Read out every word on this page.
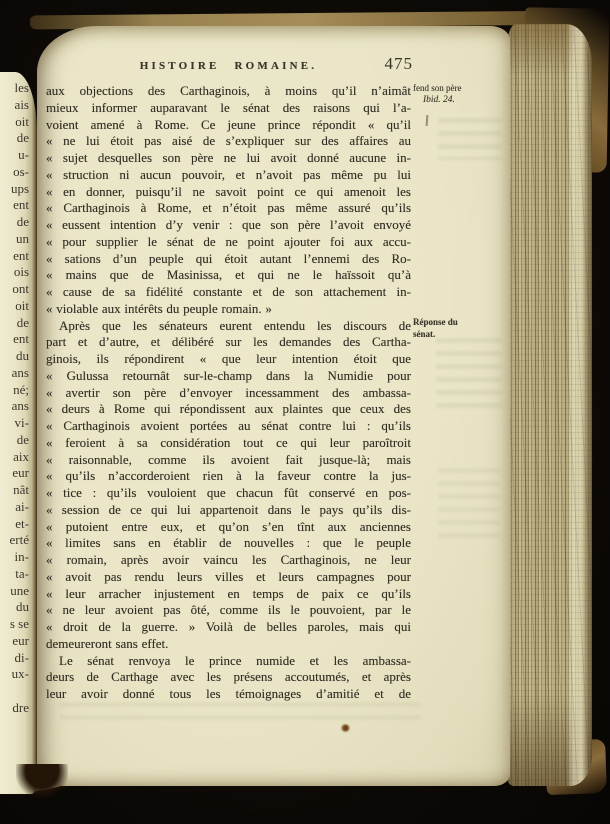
les
ais
oit
de
u-
os-
ups
ent
de
un
ent
ois
ont
oit
de
ent
du
ans
né;
ans
vi-
de
aix
eur
nât
ai-
et-
erté
in-
ta-
une
du
s se
eur
di-
ux-
dre
HISTOIRE ROMAINE.	475
aux objections des Carthaginois, à moins qu’il n’aimât
mieux informer auparavant le sénat des raisons qui l’a-
voient amené à Rome. Ce jeune prince répondit « qu’il
« ne lui étoit pas aisé de s’expliquer sur des affaires au
« sujet desquelles son père ne lui avoit donné aucune in-
« struction ni aucun pouvoir, et n’avoit pas même pu lui
« en donner, puisqu’il ne savoit point ce qui amenoit les
« Carthaginois à Rome, et n’étoit pas même assuré qu’ils
« eussent intention d’y venir : que son père l’avoit envoyé
« pour supplier le sénat de ne point ajouter foi aux accu-
« sations d’un peuple qui étoit autant l’ennemi des Ro-
« mains que de Masinissa, et qui ne le haïssoit qu’à
« cause de sa fidélité constante et de son attachement in-
« violable aux intérêts du peuple romain. »
Après que les sénateurs eurent entendu les discours de
part et d’autre, et délibéré sur les demandes des Cartha-
ginois, ils répondirent « que leur intention étoit que
« Gulussa retournât sur-le-champ dans la Numidie pour
« avertir son père d’envoyer incessamment des ambassa-
« deurs à Rome qui répondissent aux plaintes que ceux des
« Carthaginois avoient portées au sénat contre lui : qu’ils
« feroient à sa considération tout ce qui leur paroîtroit
« raisonnable, comme ils avoient fait jusque-là; mais
« qu’ils n’accorderoient rien à la faveur contre la jus-
« tice : qu’ils vouloient que chacun fût conservé en pos-
« session de ce qui lui appartenoit dans le pays qu’ils dis-
« putoient entre eux, et qu’on s’en tînt aux anciennes
« limites sans en établir de nouvelles : que le peuple
« romain, après avoir vaincu les Carthaginois, ne leur
« avoit pas rendu leurs villes et leurs campagnes pour
« leur arracher injustement en temps de paix ce qu’ils
« ne leur avoient pas ôté, comme ils le pouvoient, par le
« droit de la guerre. » Voilà de belles paroles, mais qui
demeureront sans effet.
Le sénat renvoya le prince numide et les ambassa-
deurs de Carthage avec les présens accoutumés, et après
leur avoir donné tous les témoignages d’amitié et de
fend son père
Ibid. 24.
Réponse du
sénat.
